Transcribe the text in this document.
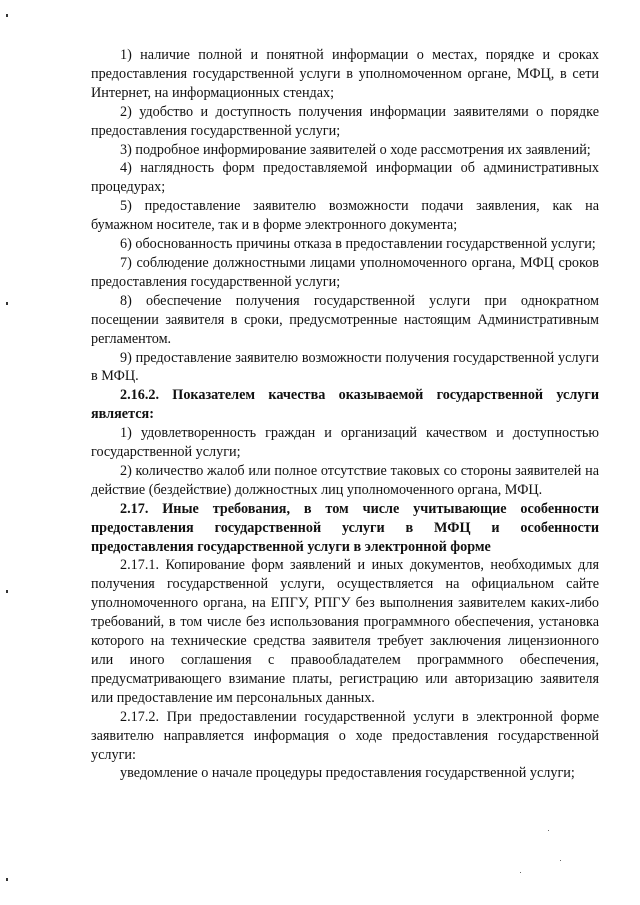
1) наличие полной и понятной информации о местах, порядке и сроках предоставления государственной услуги в уполномоченном органе, МФЦ, в сети Интернет, на информационных стендах;

2) удобство и доступность получения информации заявителями о порядке предоставления государственной услуги;

3) подробное информирование заявителей о ходе рассмотрения их заявлений;

4) наглядность форм предоставляемой информации об административных процедурах;

5) предоставление заявителю возможности подачи заявления, как на бумажном носителе, так и в форме электронного документа;

6) обоснованность причины отказа в предоставлении государственной услуги;

7) соблюдение должностными лицами уполномоченного органа, МФЦ сроков предоставления государственной услуги;

8) обеспечение получения государственной услуги при однократном посещении заявителя в сроки, предусмотренные настоящим Административным регламентом.

9) предоставление заявителю возможности получения государственной услуги в МФЦ.

2.16.2. Показателем качества оказываемой государственной услуги является:

1) удовлетворенность граждан и организаций качеством и доступностью государственной услуги;

2) количество жалоб или полное отсутствие таковых со стороны заявителей на действие (бездействие) должностных лиц уполномоченного органа, МФЦ.

2.17. Иные требования, в том числе учитывающие особенности предоставления государственной услуги в МФЦ и особенности предоставления государственной услуги в электронной форме

2.17.1. Копирование форм заявлений и иных документов, необходимых для получения государственной услуги, осуществляется на официальном сайте уполномоченного органа, на ЕПГУ, РПГУ без выполнения заявителем каких-либо требований, в том числе без использования программного обеспечения, установка которого на технические средства заявителя требует заключения лицензионного или иного соглашения с правообладателем программного обеспечения, предусматривающего взимание платы, регистрацию или авторизацию заявителя или предоставление им персональных данных.

2.17.2. При предоставлении государственной услуги в электронной форме заявителю направляется информация о ходе предоставления государственной услуги:

уведомление о начале процедуры предоставления государственной услуги;
